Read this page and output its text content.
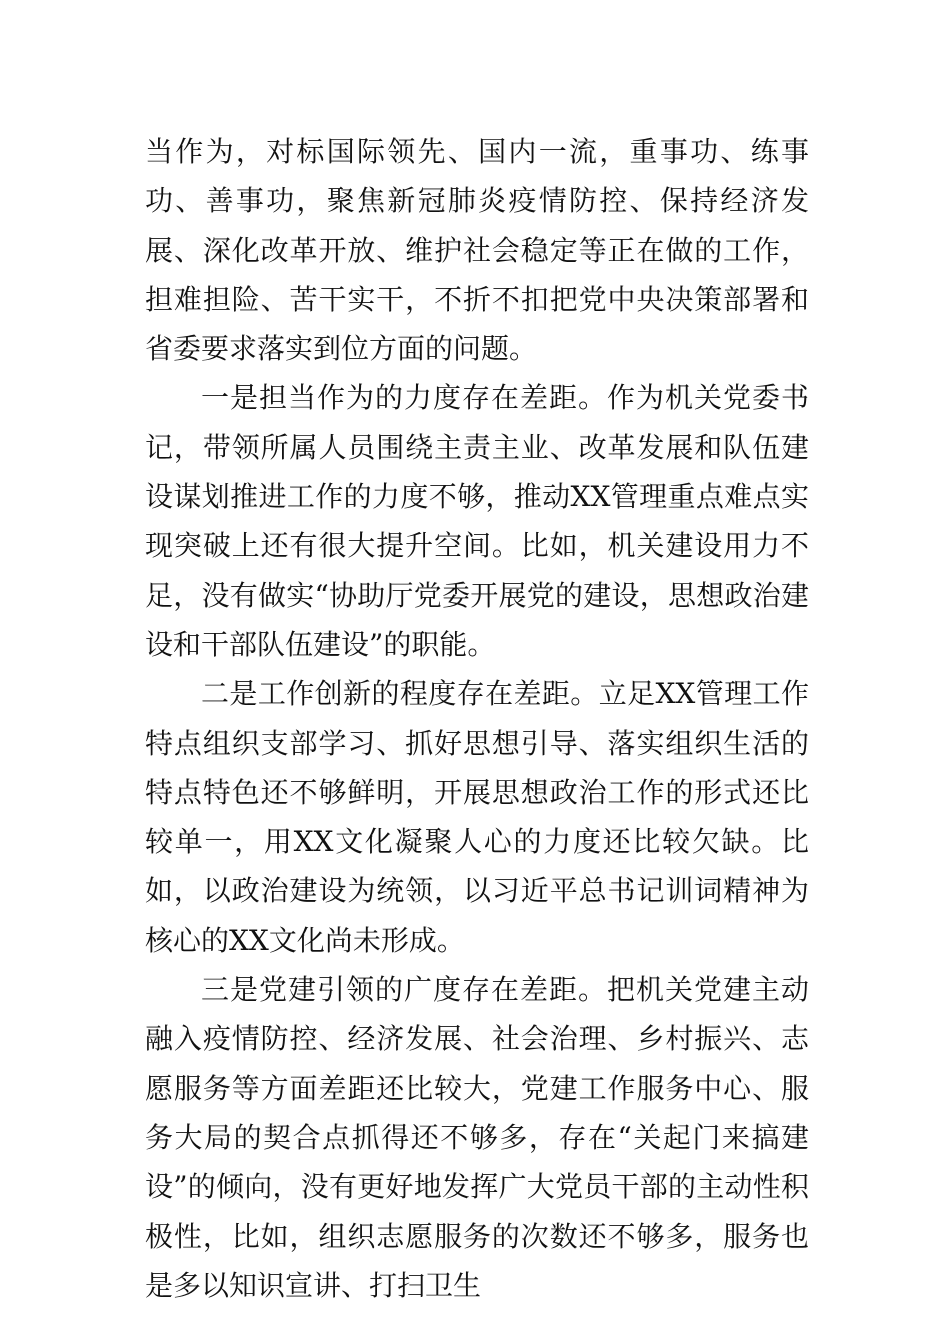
当作为，对标国际领先、国内一流，重事功、练事功、善事功，聚焦新冠肺炎疫情防控、保持经济发展、深化改革开放、维护社会稳定等正在做的工作，担难担险、苦干实干，不折不扣把党中央决策部署和省委要求落实到位方面的问题。

一是担当作为的力度存在差距。作为机关党委书记，带领所属人员围绕主责主业、改革发展和队伍建设谋划推进工作的力度不够，推动XX管理重点难点实现突破上还有很大提升空间。比如，机关建设用力不足，没有做实“协助厅党委开展党的建设，思想政治建设和干部队伍建设”的职能。

二是工作创新的程度存在差距。立足XX管理工作特点组织支部学习、抓好思想引导、落实组织生活的特点特色还不够鲜明，开展思想政治工作的形式还比较单一，用XX文化凝聚人心的力度还比较欠缺。比如，以政治建设为统领，以习近平总书记训词精神为核心的XX文化尚未形成。

三是党建引领的广度存在差距。把机关党建主动融入疫情防控、经济发展、社会治理、乡村振兴、志愿服务等方面差距还比较大，党建工作服务中心、服务大局的契合点抓得还不够多，存在“关起门来搞建设”的倾向，没有更好地发挥广大党员干部的主动性积极性，比如，组织志愿服务的次数还不够多，服务也是多以知识宣讲、打扫卫生
